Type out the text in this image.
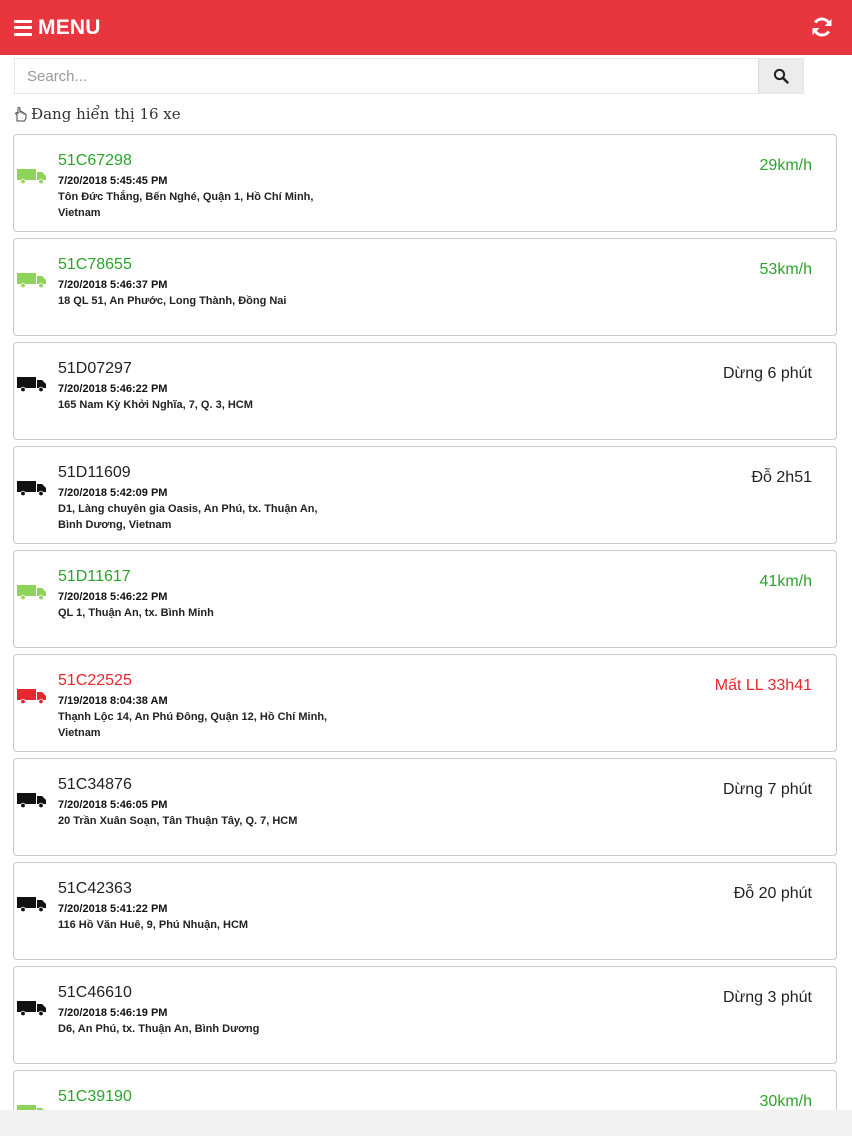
MENU
Search...
Đang hiển thị 16 xe
51C67298
7/20/2018 5:45:45 PM
Tôn Đức Thắng, Bến Nghé, Quận 1, Hồ Chí Minh, Vietnam
29km/h
51C78655
7/20/2018 5:46:37 PM
18 QL 51, An Phước, Long Thành, Đồng Nai
53km/h
51D07297
7/20/2018 5:46:22 PM
165 Nam Kỳ Khởi Nghĩa, 7, Q. 3, HCM
Dừng 6 phút
51D11609
7/20/2018 5:42:09 PM
D1, Làng chuyên gia Oasis, An Phú, tx. Thuận An, Bình Dương, Vietnam
Đỗ 2h51
51D11617
7/20/2018 5:46:22 PM
QL 1, Thuận An, tx. Bình Minh
41km/h
51C22525
7/19/2018 8:04:38 AM
Thạnh Lộc 14, An Phú Đông, Quận 12, Hồ Chí Minh, Vietnam
Mất LL 33h41
51C34876
7/20/2018 5:46:05 PM
20 Trần Xuân Soạn, Tân Thuận Tây, Q. 7, HCM
Dừng 7 phút
51C42363
7/20/2018 5:41:22 PM
116 Hồ Văn Huê, 9, Phú Nhuận, HCM
Đỗ 20 phút
51C46610
7/20/2018 5:46:19 PM
D6, An Phú, tx. Thuận An, Bình Dương
Dừng 3 phút
51C39190	30km/h
